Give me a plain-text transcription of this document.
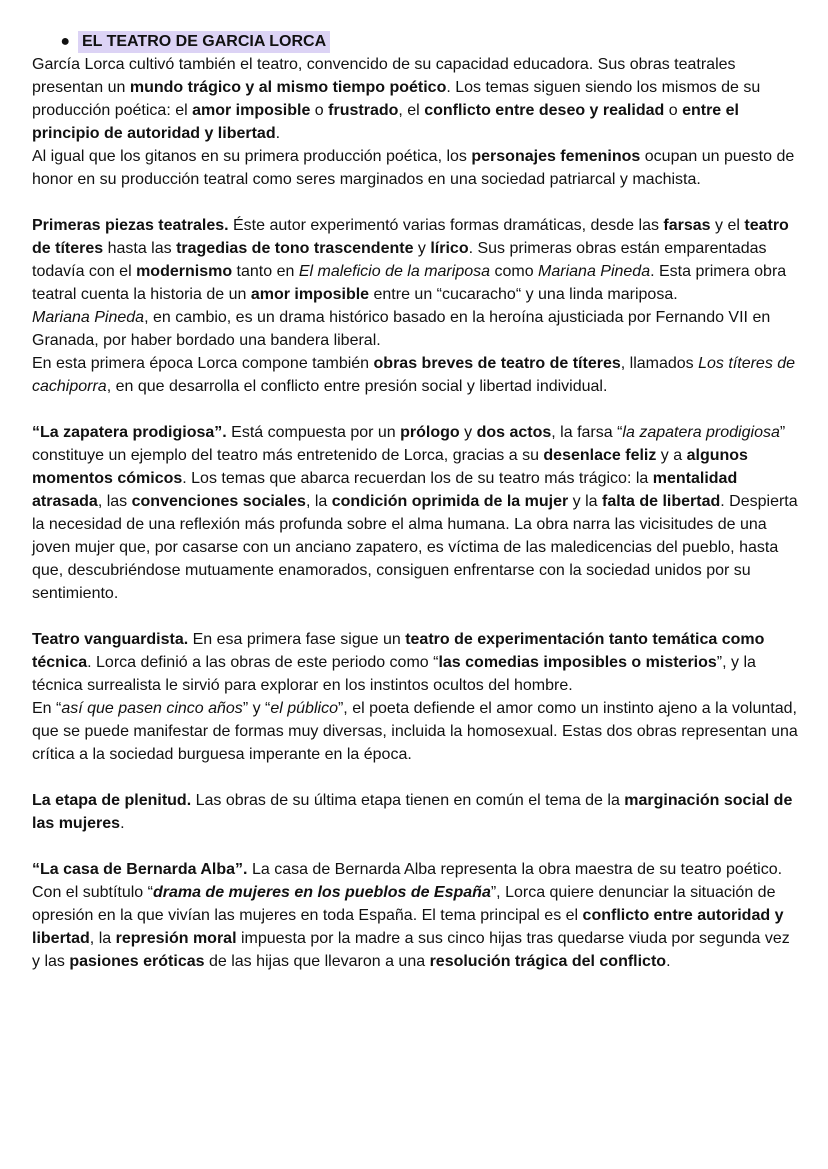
● EL TEATRO DE GARCIA LORCA

García Lorca cultivó también el teatro, convencido de su capacidad educadora. Sus obras teatrales presentan un mundo trágico y al mismo tiempo poético. Los temas siguen siendo los mismos de su producción poética: el amor imposible o frustrado, el conflicto entre deseo y realidad o entre el principio de autoridad y libertad.

Al igual que los gitanos en su primera producción poética, los personajes femeninos ocupan un puesto de honor en su producción teatral como seres marginados en una sociedad patriarcal y machista.

Primeras piezas teatrales. Éste autor experimentó varias formas dramáticas, desde las farsas y el teatro de títeres hasta las tragedias de tono trascendente y lírico. Sus primeras obras están emparentadas todavía con el modernismo tanto en El maleficio de la mariposa como Mariana Pineda. Esta primera obra teatral cuenta la historia de un amor imposible entre un “cucaracho“ y una linda mariposa.

Mariana Pineda, en cambio, es un drama histórico basado en la heroína ajusticiada por Fernando VII en Granada, por haber bordado una bandera liberal.

En esta primera época Lorca compone también obras breves de teatro de títeres, llamados Los títeres de cachiporra, en que desarrolla el conflicto entre presión social y libertad individual.

“La zapatera prodigiosa”. Está compuesta por un prólogo y dos actos, la farsa “la zapatera prodigiosa” constituye un ejemplo del teatro más entretenido de Lorca, gracias a su desenlace feliz y a algunos momentos cómicos. Los temas que abarca recuerdan los de su teatro más trágico: la mentalidad atrasada, las convenciones sociales, la condición oprimida de la mujer y la falta de libertad. Despierta la necesidad de una reflexión más profunda sobre el alma humana. La obra narra las vicisitudes de una joven mujer que, por casarse con un anciano zapatero, es víctima de las maledicencias del pueblo, hasta que, descubriéndose mutuamente enamorados, consiguen enfrentarse con la sociedad unidos por su sentimiento.

Teatro vanguardista. En esa primera fase sigue un teatro de experimentación tanto temática como técnica. Lorca definió a las obras de este periodo como “las comedias imposibles o misterios”, y la técnica surrealista le sirvió para explorar en los instintos ocultos del hombre.

En “así que pasen cinco años” y “el público”, el poeta defiende el amor como un instinto ajeno a la voluntad, que se puede manifestar de formas muy diversas, incluida la homosexual. Estas dos obras representan una crítica a la sociedad burguesa imperante en la época.

La etapa de plenitud. Las obras de su última etapa tienen en común el tema de la marginación social de las mujeres.

“La casa de Bernarda Alba”. La casa de Bernarda Alba representa la obra maestra de su teatro poético. Con el subtítulo “drama de mujeres en los pueblos de España”, Lorca quiere denunciar la situación de opresión en la que vivían las mujeres en toda España. El tema principal es el conflicto entre autoridad y libertad, la represión moral impuesta por la madre a sus cinco hijas tras quedarse viuda por segunda vez y las pasiones eróticas de las hijas que llevaron a una resolución trágica del conflicto.
